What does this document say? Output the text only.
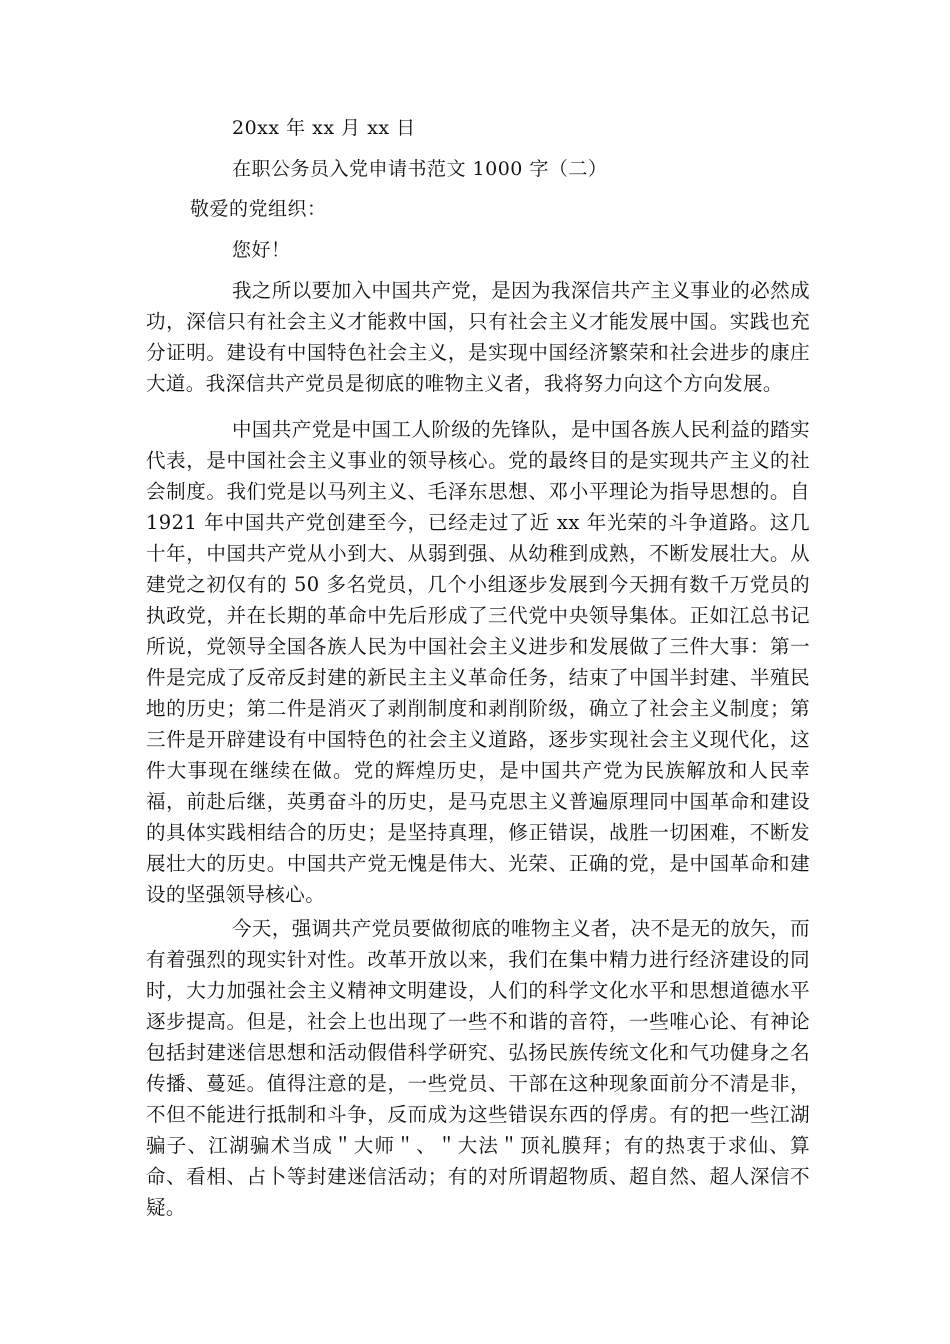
20xx 年 xx 月 xx 日
在职公务员入党申请书范文 1000 字（二）
敬爱的党组织：
您好！

我之所以要加入中国共产党，是因为我深信共产主义事业的必然成功，深信只有社会主义才能救中国，只有社会主义才能发展中国。实践也充分证明。建设有中国特色社会主义，是实现中国经济繁荣和社会进步的康庄大道。我深信共产党员是彻底的唯物主义者，我将努力向这个方向发展。

中国共产党是中国工人阶级的先锋队，是中国各族人民利益的踏实代表，是中国社会主义事业的领导核心。党的最终目的是实现共产主义的社会制度。我们党是以马列主义、毛泽东思想、邓小平理论为指导思想的。自 1921 年中国共产党创建至今，已经走过了近 xx 年光荣的斗争道路。这几十年，中国共产党从小到大、从弱到强、从幼稚到成熟，不断发展壮大。从建党之初仅有的 50 多名党员，几个小组逐步发展到今天拥有数千万党员的执政党，并在长期的革命中先后形成了三代党中央领导集体。正如江总书记所说，党领导全国各族人民为中国社会主义进步和发展做了三件大事：第一件是完成了反帝反封建的新民主主义革命任务，结束了中国半封建、半殖民地的历史；第二件是消灭了剥削制度和剥削阶级，确立了社会主义制度；第三件是开辟建设有中国特色的社会主义道路，逐步实现社会主义现代化，这件大事现在继续在做。党的辉煌历史，是中国共产党为民族解放和人民幸福，前赴后继，英勇奋斗的历史，是马克思主义普遍原理同中国革命和建设的具体实践相结合的历史；是坚持真理，修正错误，战胜一切困难，不断发展壮大的历史。中国共产党无愧是伟大、光荣、正确的党，是中国革命和建设的坚强领导核心。

今天，强调共产党员要做彻底的唯物主义者，决不是无的放矢，而有着强烈的现实针对性。改革开放以来，我们在集中精力进行经济建设的同时，大力加强社会主义精神文明建设，人们的科学文化水平和思想道德水平逐步提高。但是，社会上也出现了一些不和谐的音符，一些唯心论、有神论包括封建迷信思想和活动假借科学研究、弘扬民族传统文化和气功健身之名传播、蔓延。值得注意的是，一些党员、干部在这种现象面前分不清是非，不但不能进行抵制和斗争，反而成为这些错误东西的俘虏。有的把一些江湖骗子、江湖骗术当成＂大师＂、＂大法＂顶礼膜拜；有的热衷于求仙、算命、看相、占卜等封建迷信活动；有的对所谓超物质、超自然、超人深信不疑。
